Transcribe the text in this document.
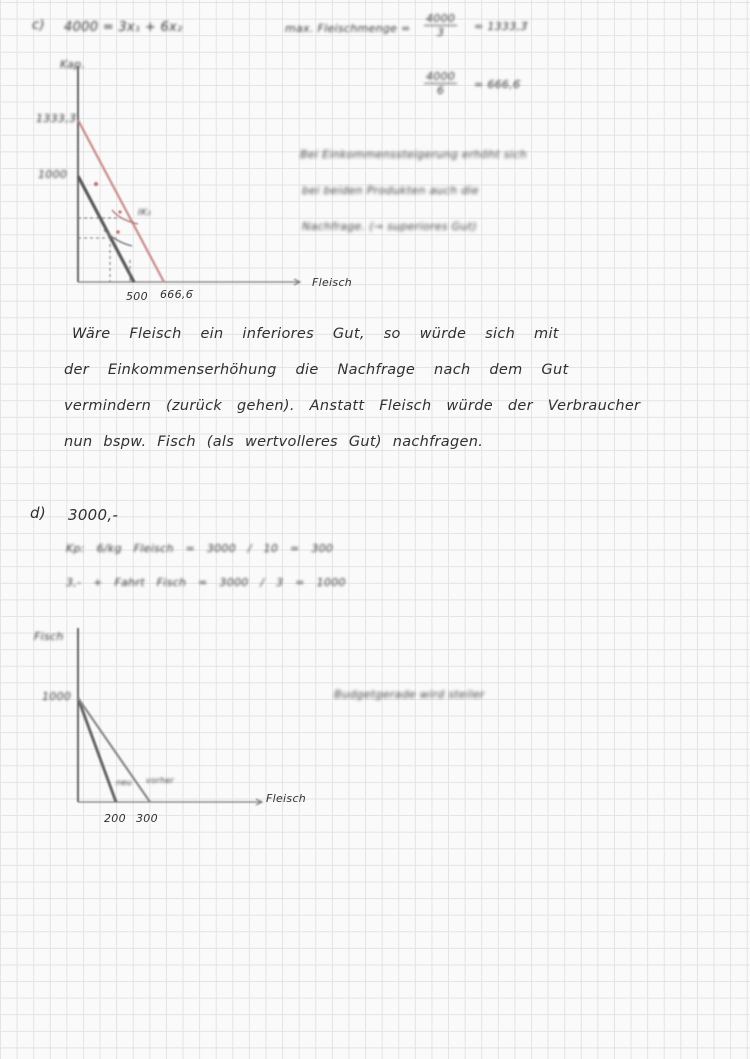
c) 4000 = 3x₁ + 6x₂	max. Fleischmenge = $\frac{4000}{3}$ = 1333,3̄
$\frac{4000}{6}$ = 666,6̄
Bei Einkommenssteigerung erhöht sich
bei beiden Produkten auch die
Nachfrage. (→ superiores Gut)
Kap.
1333,3̄
1000
Fleisch
500 666,6̄
IK₂
Wäre Fleisch ein inferiores Gut, so würde sich mit
der Einkommenserhöhung die Nachfrage nach dem Gut
vermindern (zurück gehen). Anstatt Fleisch würde der Verbraucher
nun bspw. Fisch (als wertvolleres Gut) nachfragen.
d) 3000,-
Kp: 6/kg Fleisch = 3000 / 10 = 300
3,- + Fahrt Fisch = 3000 / 3 = 1000
Budgetgerade wird steiler
Fisch
1000
Fleisch
200 300
neu vorher
